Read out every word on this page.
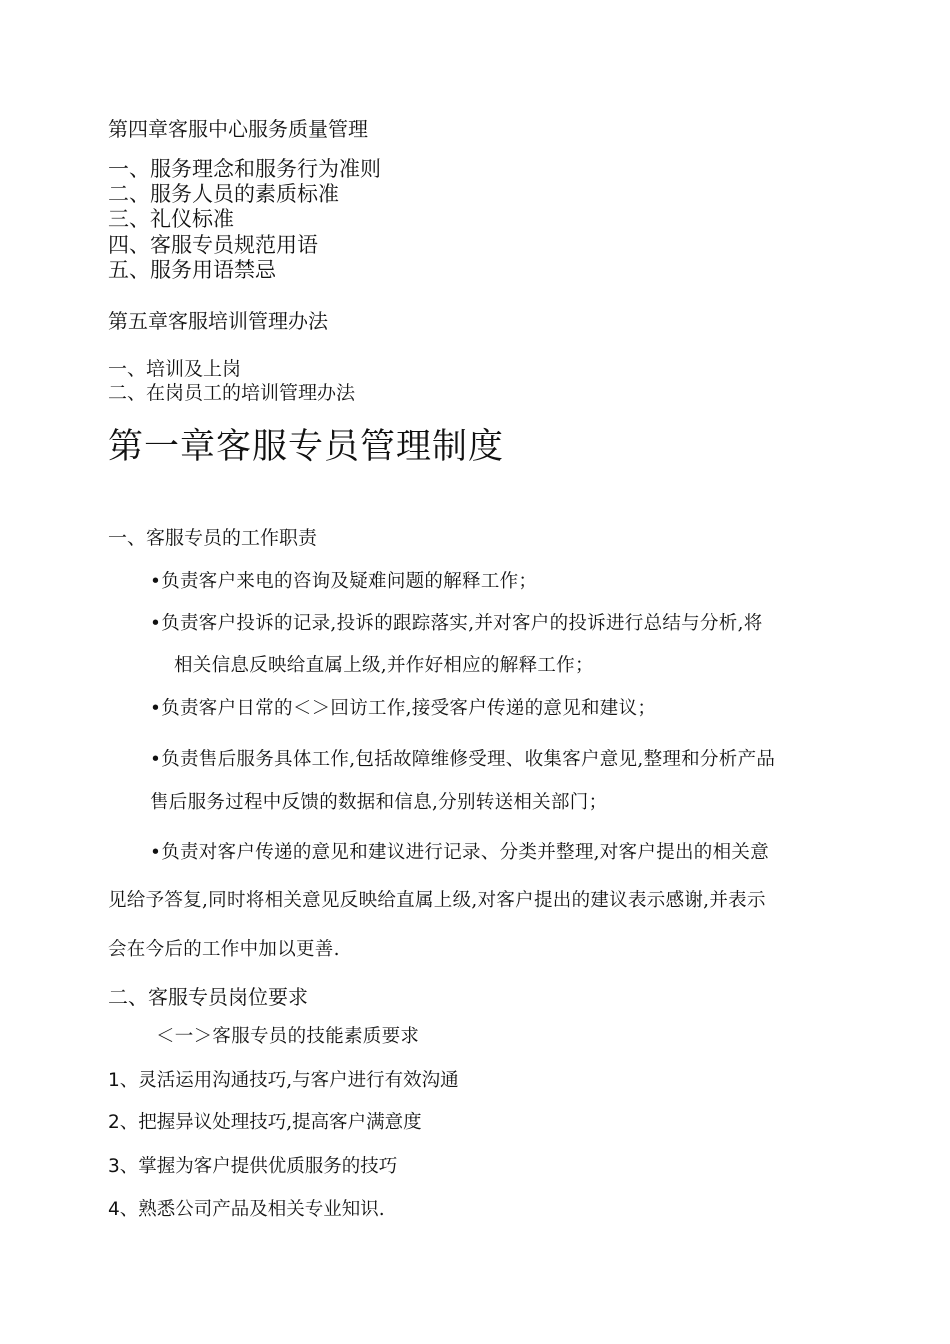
第四章客服中心服务质量管理

一、服务理念和服务行为准则

二、服务人员的素质标准

三、礼仪标准

四、客服专员规范用语

五、服务用语禁忌

第五章客服培训管理办法

一、培训及上岗

二、在岗员工的培训管理办法

第一章客服专员管理制度

一、客服专员的工作职责

•负责客户来电的咨询及疑难问题的解释工作；

•负责客户投诉的记录,投诉的跟踪落实,并对客户的投诉进行总结与分析,将

相关信息反映给直属上级,并作好相应的解释工作；

•负责客户日常的＜＞回访工作,接受客户传递的意见和建议；

•负责售后服务具体工作,包括故障维修受理、收集客户意见,整理和分析产品

售后服务过程中反馈的数据和信息,分别转送相关部门；

•负责对客户传递的意见和建议进行记录、分类并整理,对客户提出的相关意

见给予答复,同时将相关意见反映给直属上级,对客户提出的建议表示感谢,并表示

会在今后的工作中加以更善.

二、客服专员岗位要求

＜一＞客服专员的技能素质要求

1、灵活运用沟通技巧,与客户进行有效沟通

2、把握异议处理技巧,提高客户满意度

3、掌握为客户提供优质服务的技巧

4、熟悉公司产品及相关专业知识.
